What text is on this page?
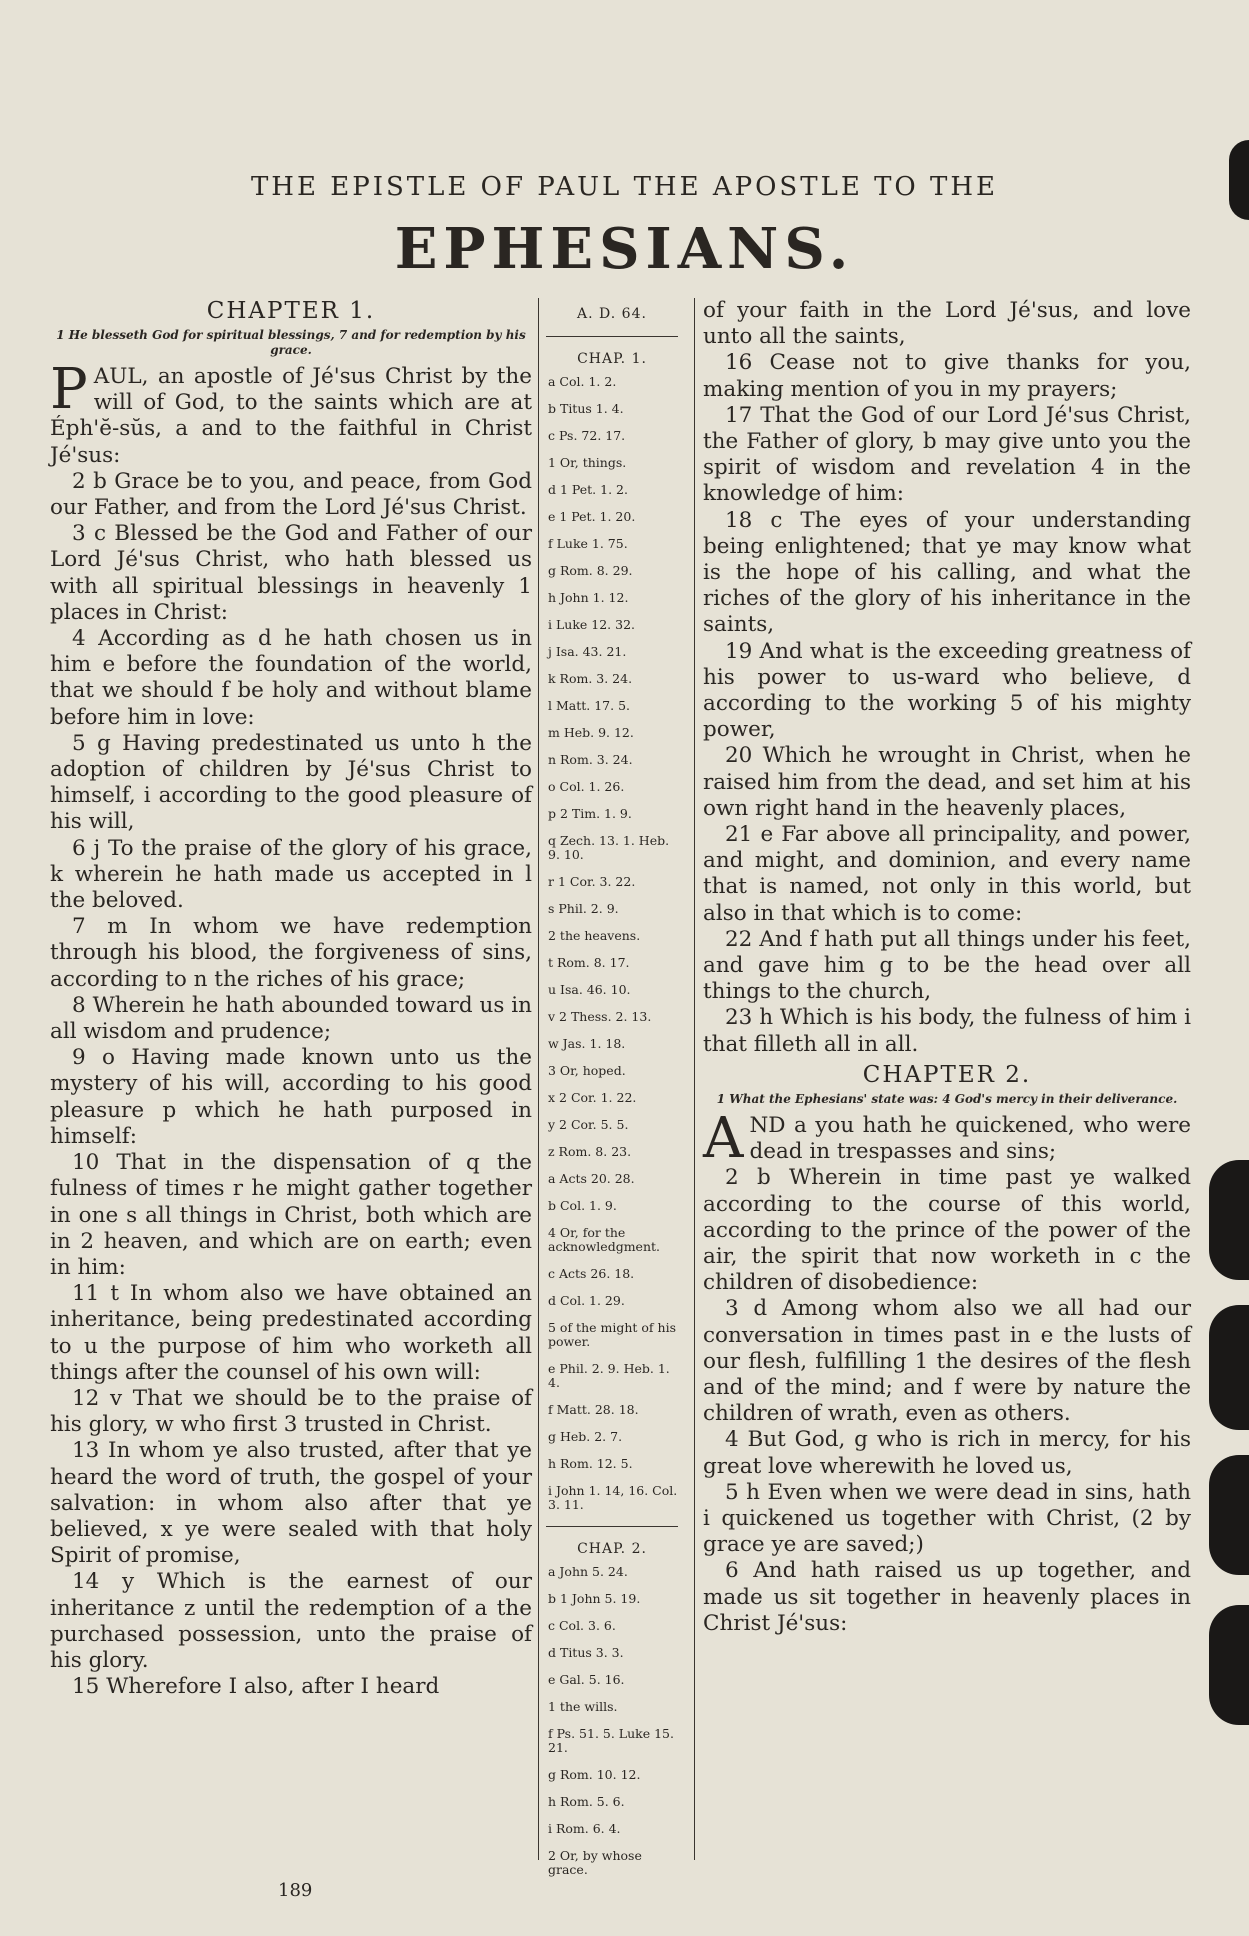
THE EPISTLE OF PAUL THE APOSTLE TO THE
EPHESIANS.
CHAPTER 1.
1 He blesseth God for spiritual blessings, 7 and for redemption by his grace.

PAUL, an apostle of Jé'sus Christ by the will of God, to the saints which are at Éph'ĕ-sŭs, a and to the faithful in Christ Jé'sus:

2 b Grace be to you, and peace, from God our Father, and from the Lord Jé'sus Christ.

3 c Blessed be the God and Father of our Lord Jé'sus Christ, who hath blessed us with all spiritual blessings in heavenly 1 places in Christ:

4 According as d he hath chosen us in him e before the foundation of the world, that we should f be holy and without blame before him in love:

5 g Having predestinated us unto h the adoption of children by Jé'sus Christ to himself, i according to the good pleasure of his will,

6 j To the praise of the glory of his grace, k wherein he hath made us accepted in l the beloved.

7 m In whom we have redemption through his blood, the forgiveness of sins, according to n the riches of his grace;

8 Wherein he hath abounded toward us in all wisdom and prudence;

9 o Having made known unto us the mystery of his will, according to his good pleasure p which he hath purposed in himself:

10 That in the dispensation of q the fulness of times r he might gather together in one s all things in Christ, both which are in 2 heaven, and which are on earth; even in him:

11 t In whom also we have obtained an inheritance, being predestinated according to u the purpose of him who worketh all things after the counsel of his own will:

12 v That we should be to the praise of his glory, w who first 3 trusted in Christ.

13 In whom ye also trusted, after that ye heard the word of truth, the gospel of your salvation: in whom also after that ye believed, x ye were sealed with that holy Spirit of promise,

14 y Which is the earnest of our inheritance z until the redemption of a the purchased possession, unto the praise of his glory.

15 Wherefore I also, after I heard

A. D. 64.
CHAP. 1.
a Col. 1. 2.
b Titus 1. 4.
c Ps. 72. 17.
1 Or, things.
d 1 Pet. 1. 2.
e 1 Pet. 1. 20.
f Luke 1. 75.
g Rom. 8. 29.
h John 1. 12.
i Luke 12. 32.
j Isa. 43. 21.
k Rom. 3. 24.
l Matt. 17. 5.
m Heb. 9. 12.
n Rom. 3. 24.
o Col. 1. 26.
p 2 Tim. 1. 9.
q Zech. 13. 1. Heb. 9. 10.
r 1 Cor. 3. 22.
s Phil. 2. 9.
2 the heavens.
t Rom. 8. 17.
u Isa. 46. 10.
v 2 Thess. 2. 13.
w Jas. 1. 18.
3 Or, hoped.
x 2 Cor. 1. 22.
y 2 Cor. 5. 5.
z Rom. 8. 23.
a Acts 20. 28.
b Col. 1. 9.
4 Or, for the acknowledgment.
c Acts 26. 18.
d Col. 1. 29.
5 of the might of his power.
e Phil. 2. 9. Heb. 1. 4.
f Matt. 28. 18.
g Heb. 2. 7.
h Rom. 12. 5.
i John 1. 14, 16. Col. 3. 11.
CHAP. 2.
a John 5. 24.
b 1 John 5. 19.
c Col. 3. 6.
d Titus 3. 3.
e Gal. 5. 16.
1 the wills.
f Ps. 51. 5. Luke 15. 21.
g Rom. 10. 12.
h Rom. 5. 6.
i Rom. 6. 4.
2 Or, by whose grace.

of your faith in the Lord Jé'sus, and love unto all the saints,

16 Cease not to give thanks for you, making mention of you in my prayers;

17 That the God of our Lord Jé'sus Christ, the Father of glory, b may give unto you the spirit of wisdom and revelation 4 in the knowledge of him:

18 c The eyes of your understanding being enlightened; that ye may know what is the hope of his calling, and what the riches of the glory of his inheritance in the saints,

19 And what is the exceeding greatness of his power to us-ward who believe, d according to the working 5 of his mighty power,

20 Which he wrought in Christ, when he raised him from the dead, and set him at his own right hand in the heavenly places,

21 e Far above all principality, and power, and might, and dominion, and every name that is named, not only in this world, but also in that which is to come:

22 And f hath put all things under his feet, and gave him g to be the head over all things to the church,

23 h Which is his body, the fulness of him i that filleth all in all.

CHAPTER 2.
1 What the Ephesians' state was: 4 God's mercy in their deliverance.

AND a you hath he quickened, who were dead in trespasses and sins;

2 b Wherein in time past ye walked according to the course of this world, according to the prince of the power of the air, the spirit that now worketh in c the children of disobedience:

3 d Among whom also we all had our conversation in times past in e the lusts of our flesh, fulfilling 1 the desires of the flesh and of the mind; and f were by nature the children of wrath, even as others.

4 But God, g who is rich in mercy, for his great love wherewith he loved us,

5 h Even when we were dead in sins, hath i quickened us together with Christ, (2 by grace ye are saved;)

6 And hath raised us up together, and made us sit together in heavenly places in Christ Jé'sus:

189
